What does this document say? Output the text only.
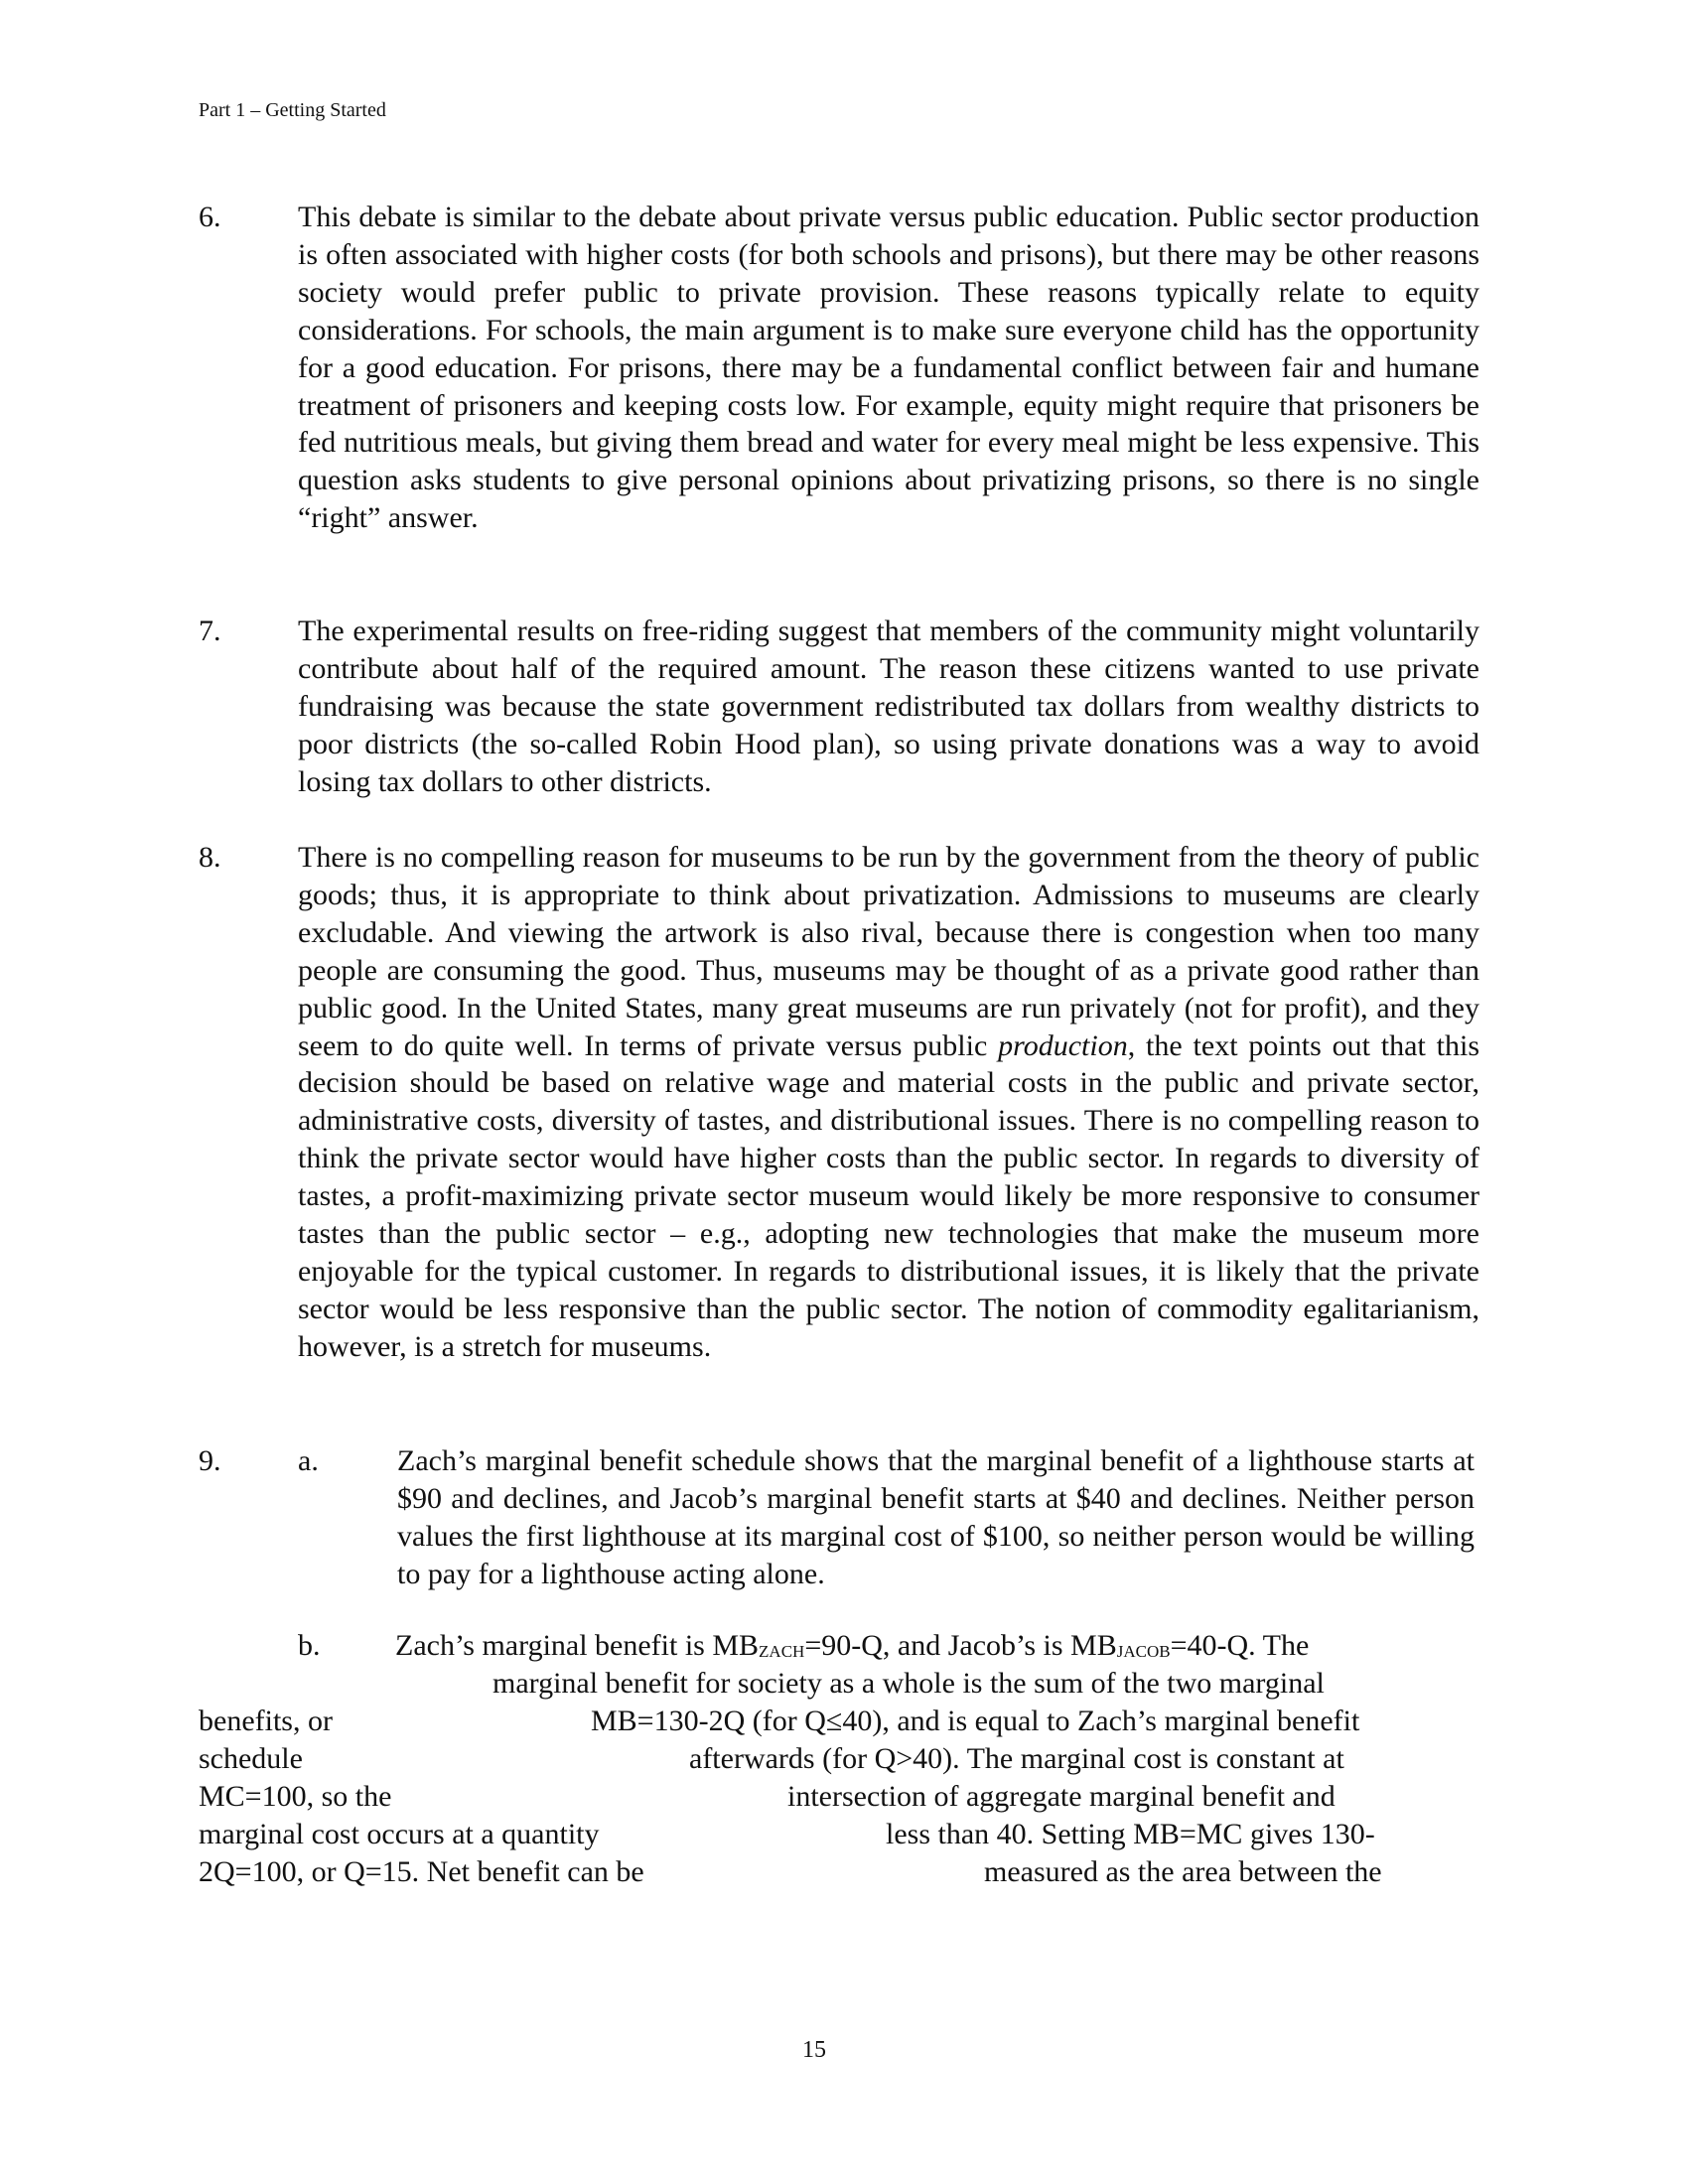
Part 1 – Getting Started
6.	This debate is similar to the debate about private versus public education. Public sector production is often associated with higher costs (for both schools and prisons), but there may be other reasons society would prefer public to private provision. These reasons typically relate to equity considerations. For schools, the main argument is to make sure everyone child has the opportunity for a good education. For prisons, there may be a fundamental conflict between fair and humane treatment of prisoners and keeping costs low. For example, equity might require that prisoners be fed nutritious meals, but giving them bread and water for every meal might be less expensive. This question asks students to give personal opinions about privatizing prisons, so there is no single “right” answer.
7.	The experimental results on free-riding suggest that members of the community might voluntarily contribute about half of the required amount. The reason these citizens wanted to use private fundraising was because the state government redistributed tax dollars from wealthy districts to poor districts (the so-called Robin Hood plan), so using private donations was a way to avoid losing tax dollars to other districts.
8.	There is no compelling reason for museums to be run by the government from the theory of public goods; thus, it is appropriate to think about privatization. Admissions to museums are clearly excludable. And viewing the artwork is also rival, because there is congestion when too many people are consuming the good. Thus, museums may be thought of as a private good rather than public good. In the United States, many great museums are run privately (not for profit), and they seem to do quite well. In terms of private versus public production, the text points out that this decision should be based on relative wage and material costs in the public and private sector, administrative costs, diversity of tastes, and distributional issues. There is no compelling reason to think the private sector would have higher costs than the public sector. In regards to diversity of tastes, a profit-maximizing private sector museum would likely be more responsive to consumer tastes than the public sector – e.g., adopting new technologies that make the museum more enjoyable for the typical customer. In regards to distributional issues, it is likely that the private sector would be less responsive than the public sector. The notion of commodity egalitarianism, however, is a stretch for museums.
9.	a.	Zach’s marginal benefit schedule shows that the marginal benefit of a lighthouse starts at $90 and declines, and Jacob’s marginal benefit starts at $40 and declines. Neither person values the first lighthouse at its marginal cost of $100, so neither person would be willing to pay for a lighthouse acting alone.
b.	Zach’s marginal benefit is $MB_{ZACH}=90-Q$, and Jacob’s is $MB_{JACOB}=40-Q$. The
marginal benefit for society as a whole is the sum of the two marginal
benefits, or	MB=130-2Q (for Q≤40), and is equal to Zach’s marginal benefit
schedule	afterwards (for Q>40). The marginal cost is constant at
MC=100, so the	intersection of aggregate marginal benefit and
marginal cost occurs at a quantity	less than 40. Setting MB=MC gives 130-
2Q=100, or Q=15. Net benefit can be	measured as the area between the
15
